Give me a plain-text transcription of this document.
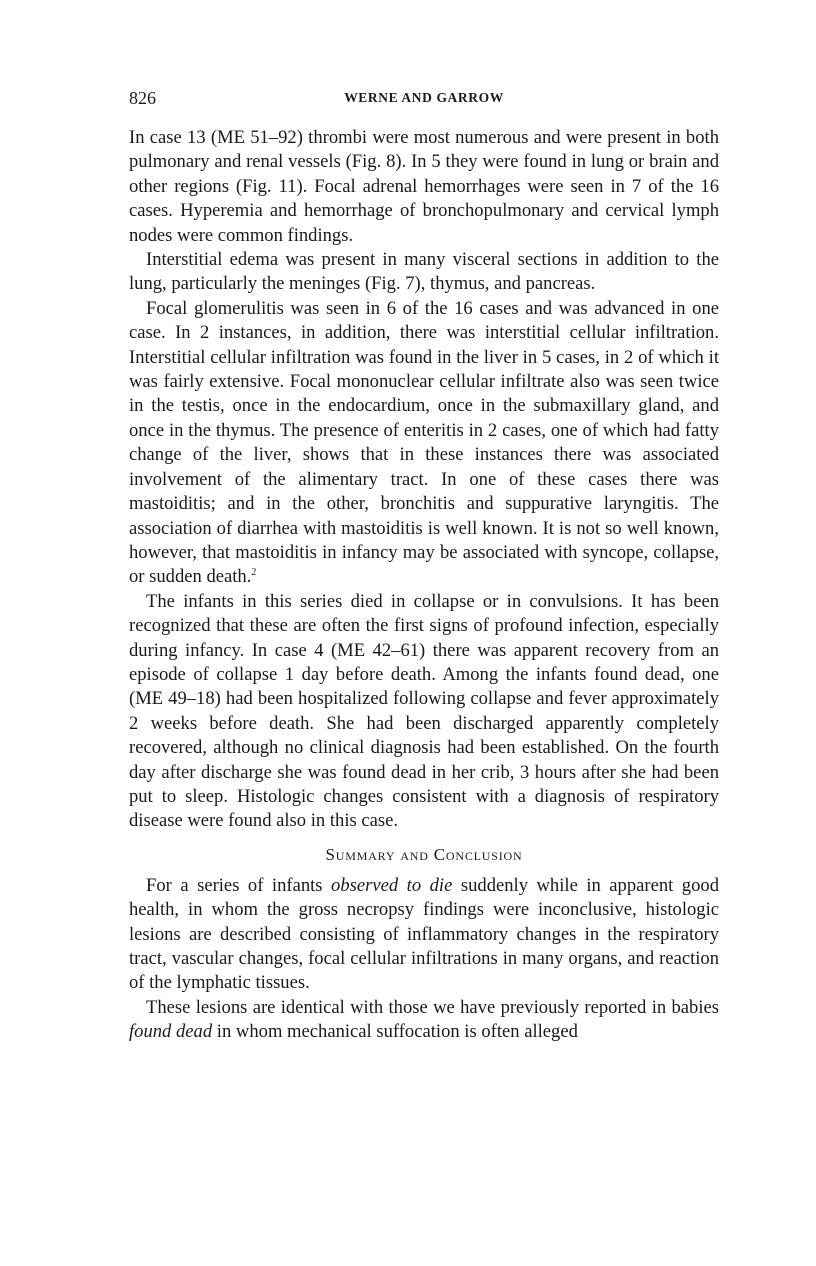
826	WERNE AND GARROW

In case 13 (ME 51–92) thrombi were most numerous and were present in both pulmonary and renal vessels (Fig. 8). In 5 they were found in lung or brain and other regions (Fig. 11). Focal adrenal hemorrhages were seen in 7 of the 16 cases. Hyperemia and hemorrhage of bronchopulmonary and cervical lymph nodes were common findings.

Interstitial edema was present in many visceral sections in addition to the lung, particularly the meninges (Fig. 7), thymus, and pancreas.

Focal glomerulitis was seen in 6 of the 16 cases and was advanced in one case. In 2 instances, in addition, there was interstitial cellular infiltration. Interstitial cellular infiltration was found in the liver in 5 cases, in 2 of which it was fairly extensive. Focal mononuclear cellular infiltrate also was seen twice in the testis, once in the endocardium, once in the submaxillary gland, and once in the thymus. The presence of enteritis in 2 cases, one of which had fatty change of the liver, shows that in these instances there was associated involvement of the alimentary tract. In one of these cases there was mastoiditis; and in the other, bronchitis and suppurative laryngitis. The association of diarrhea with mastoiditis is well known. It is not so well known, however, that mastoiditis in infancy may be associated with syncope, collapse, or sudden death.$^2$

The infants in this series died in collapse or in convulsions. It has been recognized that these are often the first signs of profound infection, especially during infancy. In case 4 (ME 42–61) there was apparent recovery from an episode of collapse 1 day before death. Among the infants found dead, one (ME 49–18) had been hospitalized following collapse and fever approximately 2 weeks before death. She had been discharged apparently completely recovered, although no clinical diagnosis had been established. On the fourth day after discharge she was found dead in her crib, 3 hours after she had been put to sleep. Histologic changes consistent with a diagnosis of respiratory disease were found also in this case.

Summary and Conclusion

For a series of infants observed to die suddenly while in apparent good health, in whom the gross necropsy findings were inconclusive, histologic lesions are described consisting of inflammatory changes in the respiratory tract, vascular changes, focal cellular infiltrations in many organs, and reaction of the lymphatic tissues.

These lesions are identical with those we have previously reported in babies found dead in whom mechanical suffocation is often alleged
